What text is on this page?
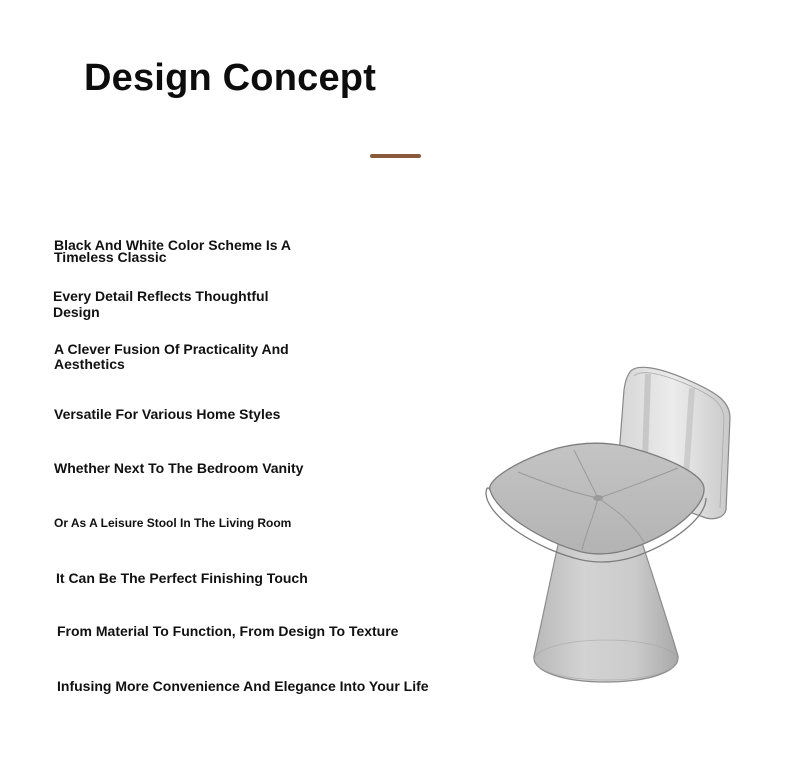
Design Concept
Black And White Color Scheme Is A
Timeless Classic
Every Detail Reflects Thoughtful
Design
A Clever Fusion Of Practicality And
Aesthetics
Versatile For Various Home Styles
Whether Next To The Bedroom Vanity
Or As A Leisure Stool In The Living Room
It Can Be The Perfect Finishing Touch
From Material To Function, From Design To Texture
Infusing More Convenience And Elegance Into Your Life
